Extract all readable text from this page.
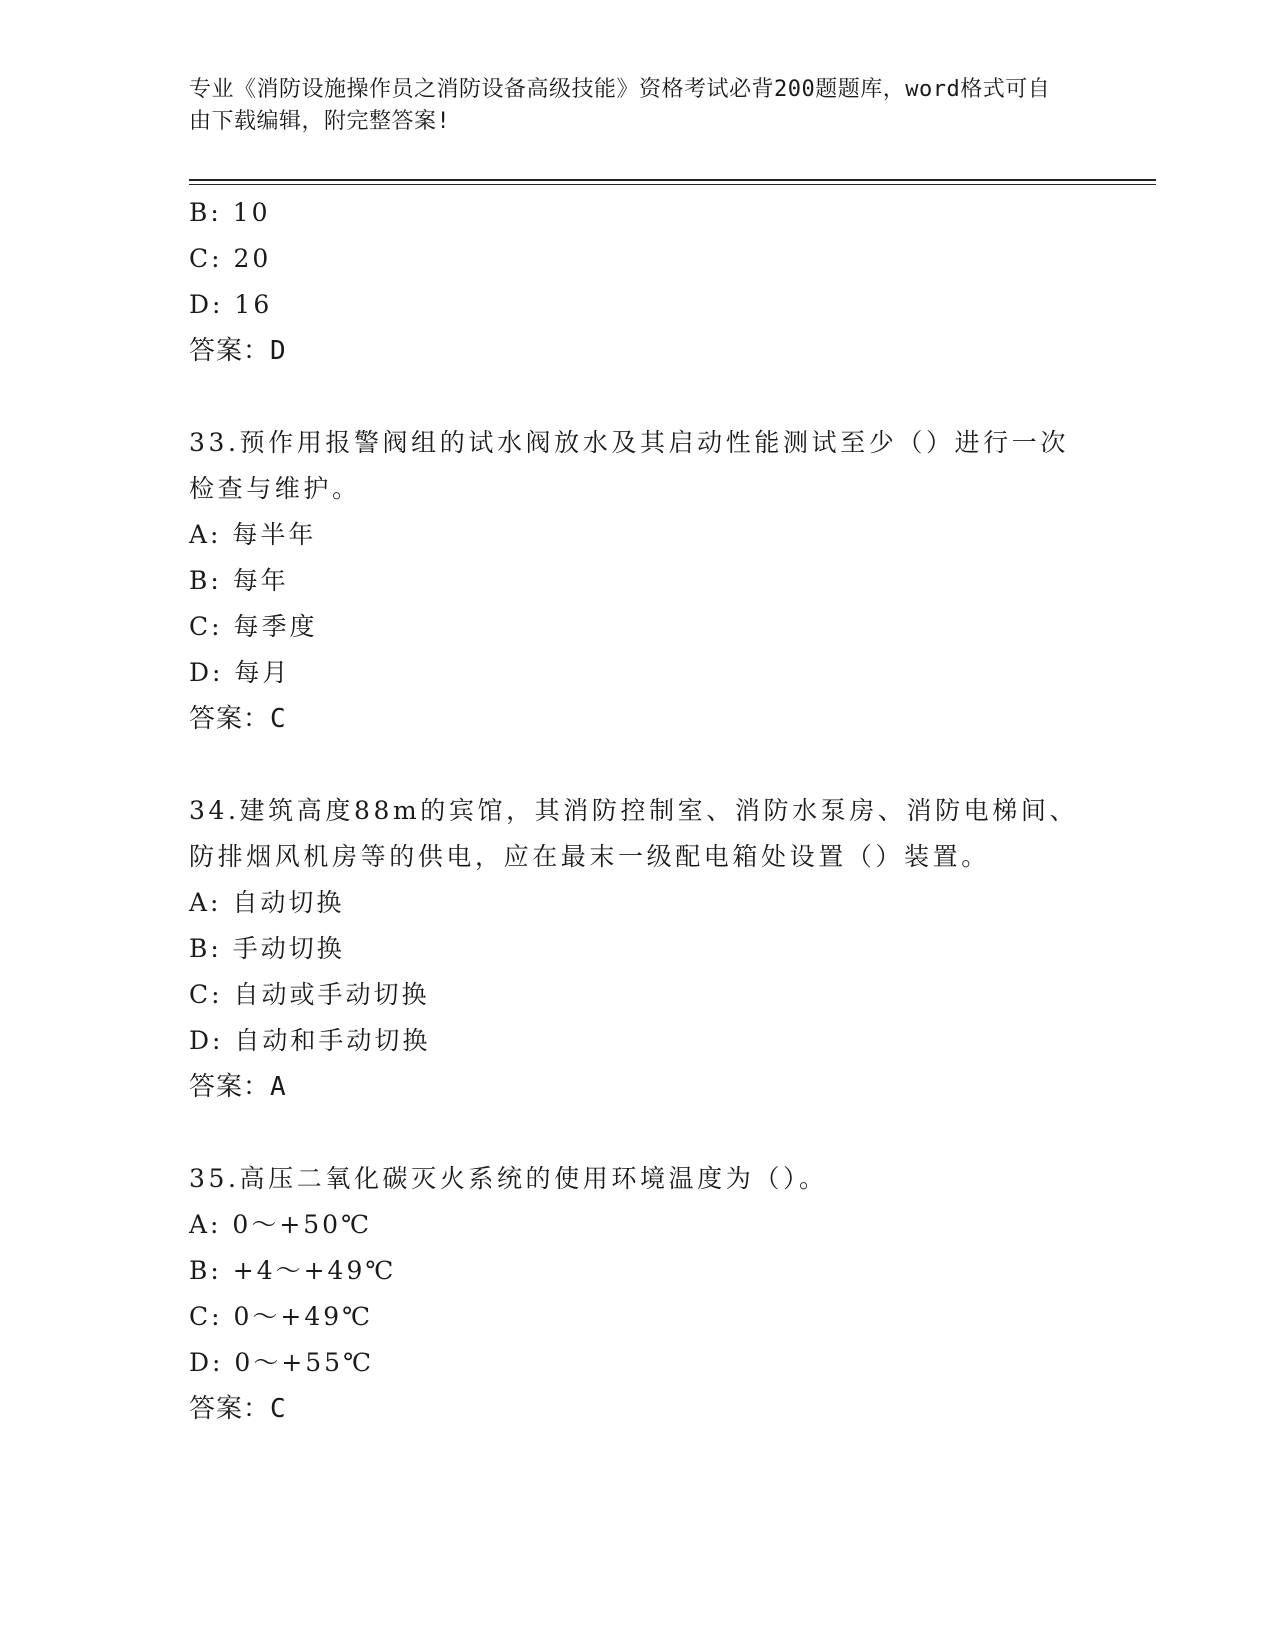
专业《消防设施操作员之消防设备高级技能》资格考试必背200题题库，word格式可自由下载编辑，附完整答案!
B: 10
C: 20
D: 16
答案：D
33.预作用报警阀组的试水阀放水及其启动性能测试至少（）进行一次检查与维护。
A: 每半年
B: 每年
C: 每季度
D: 每月
答案：C
34.建筑高度88m的宾馆，其消防控制室、消防水泵房、消防电梯间、防排烟风机房等的供电，应在最末一级配电箱处设置（）装置。
A: 自动切换
B: 手动切换
C: 自动或手动切换
D: 自动和手动切换
答案：A
35.高压二氧化碳灭火系统的使用环境温度为（）。
A: 0～+50℃
B: +4～+49℃
C: 0～+49℃
D: 0～+55℃
答案：C
